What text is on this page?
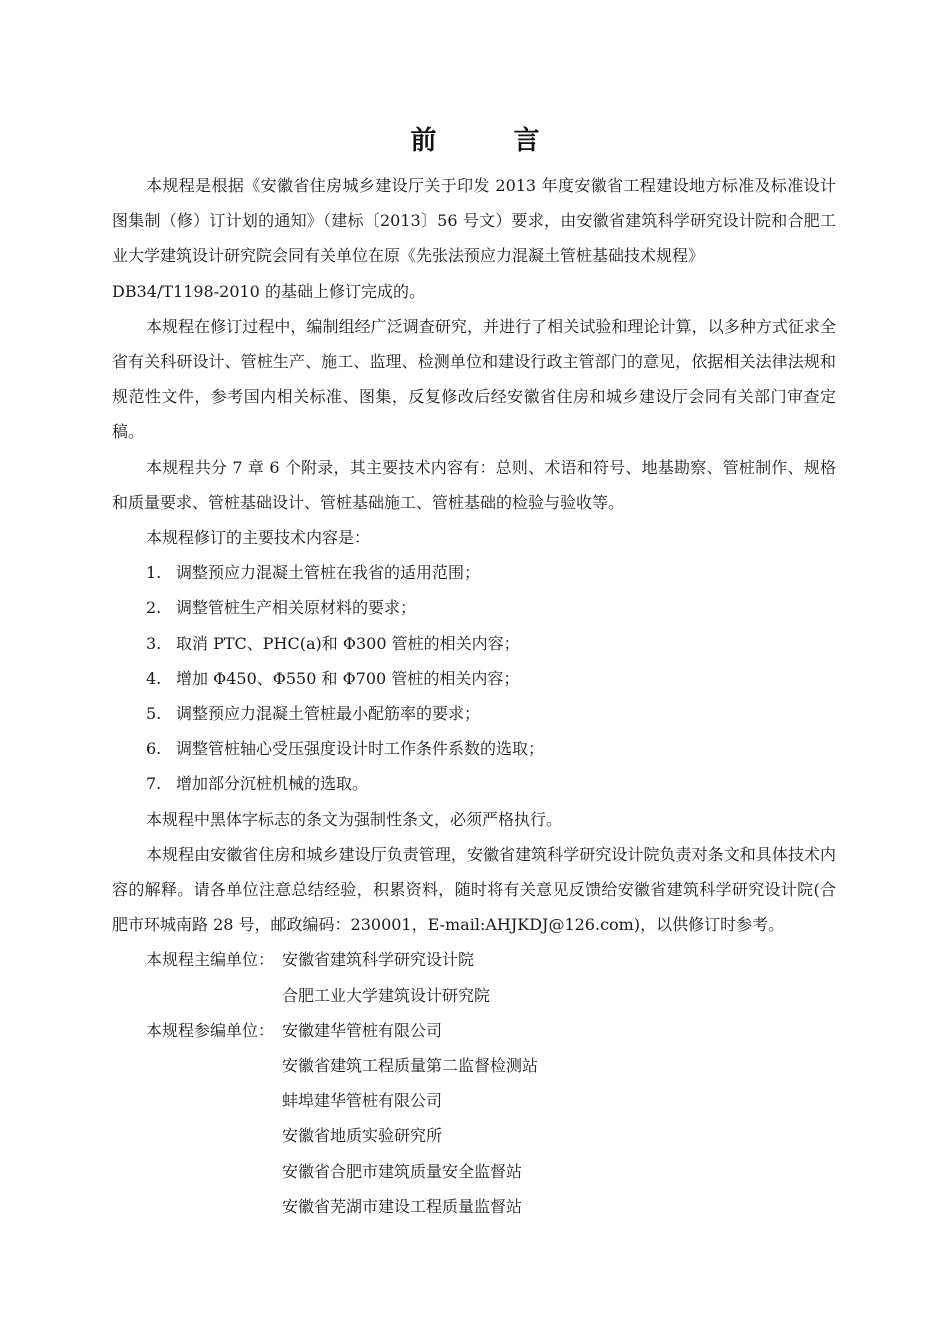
前 言

本规程是根据《安徽省住房城乡建设厅关于印发 2013 年度安徽省工程建设地方标准及标准设计图集制（修）订计划的通知》（建标〔2013〕56 号文）要求，由安徽省建筑科学研究设计院和合肥工业大学建筑设计研究院会同有关单位在原《先张法预应力混凝土管桩基础技术规程》
DB34/T1198-2010 的基础上修订完成的。

本规程在修订过程中，编制组经广泛调查研究，并进行了相关试验和理论计算，以多种方式征求全省有关科研设计、管桩生产、施工、监理、检测单位和建设行政主管部门的意见，依据相关法律法规和规范性文件，参考国内相关标准、图集，反复修改后经安徽省住房和城乡建设厅会同有关部门审查定稿。

本规程共分 7 章 6 个附录，其主要技术内容有：总则、术语和符号、地基勘察、管桩制作、规格和质量要求、管桩基础设计、管桩基础施工、管桩基础的检验与验收等。

本规程修订的主要技术内容是：

1. 调整预应力混凝土管桩在我省的适用范围；

2. 调整管桩生产相关原材料的要求；

3. 取消 PTC、PHC(a)和 Φ300 管桩的相关内容；

4. 增加 Φ450、Φ550 和 Φ700 管桩的相关内容；

5. 调整预应力混凝土管桩最小配筋率的要求；

6. 调整管桩轴心受压强度设计时工作条件系数的选取；

7. 增加部分沉桩机械的选取。

本规程中黑体字标志的条文为强制性条文，必须严格执行。

本规程由安徽省住房和城乡建设厅负责管理，安徽省建筑科学研究设计院负责对条文和具体技术内容的解释。请各单位注意总结经验，积累资料，随时将有关意见反馈给安徽省建筑科学研究设计院(合肥市环城南路 28 号，邮政编码：230001，E-mail:AHJKDJ@126.com)，以供修订时参考。

本规程主编单位： 安徽省建筑科学研究设计院

合肥工业大学建筑设计研究院

本规程参编单位： 安徽建华管桩有限公司

安徽省建筑工程质量第二监督检测站

蚌埠建华管桩有限公司

安徽省地质实验研究所

安徽省合肥市建筑质量安全监督站

安徽省芜湖市建设工程质量监督站
